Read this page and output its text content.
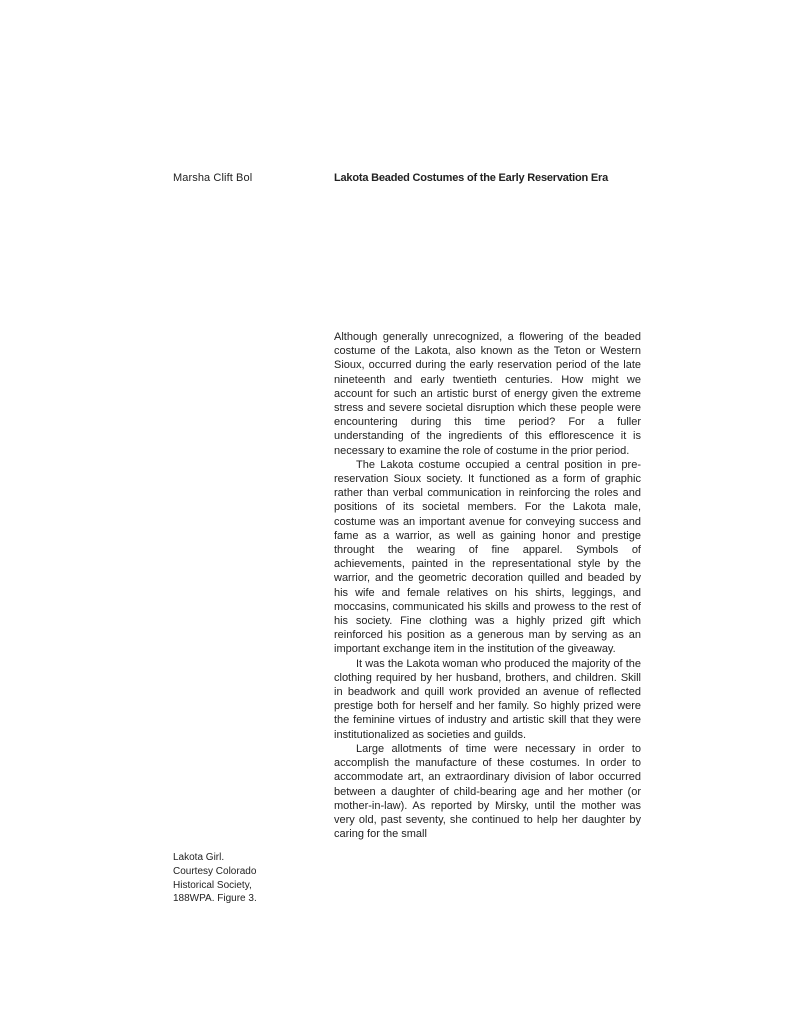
Marsha Clift Bol	Lakota Beaded Costumes of the Early Reservation Era

Although generally unrecognized, a flowering of the beaded costume of the Lakota, also known as the Teton or Western Sioux, occurred during the early reservation period of the late nineteenth and early twentieth centuries. How might we account for such an artistic burst of energy given the extreme stress and severe societal disruption which these people were encountering during this time period? For a fuller understanding of the ingredients of this efflorescence it is necessary to examine the role of costume in the prior period.

The Lakota costume occupied a central position in pre-reservation Sioux society. It functioned as a form of graphic rather than verbal communication in reinforcing the roles and positions of its societal members. For the Lakota male, costume was an important avenue for conveying success and fame as a warrior, as well as gaining honor and prestige throught the wearing of fine apparel. Symbols of achievements, painted in the representational style by the warrior, and the geometric decoration quilled and beaded by his wife and female relatives on his shirts, leggings, and moccasins, communicated his skills and prowess to the rest of his society. Fine clothing was a highly prized gift which reinforced his position as a generous man by serving as an important exchange item in the institution of the giveaway.

It was the Lakota woman who produced the majority of the clothing required by her husband, brothers, and children. Skill in beadwork and quill work provided an avenue of reflected prestige both for herself and her family. So highly prized were the feminine virtues of industry and artistic skill that they were institutionalized as societies and guilds.

Large allotments of time were necessary in order to accomplish the manufacture of these costumes. In order to accommodate art, an extraordinary division of labor occurred between a daughter of child-bearing age and her mother (or mother-in-law). As reported by Mirsky, until the mother was very old, past seventy, she continued to help her daughter by caring for the small

Lakota Girl.
Courtesy Colorado
Historical Society,
188WPA. Figure 3.
